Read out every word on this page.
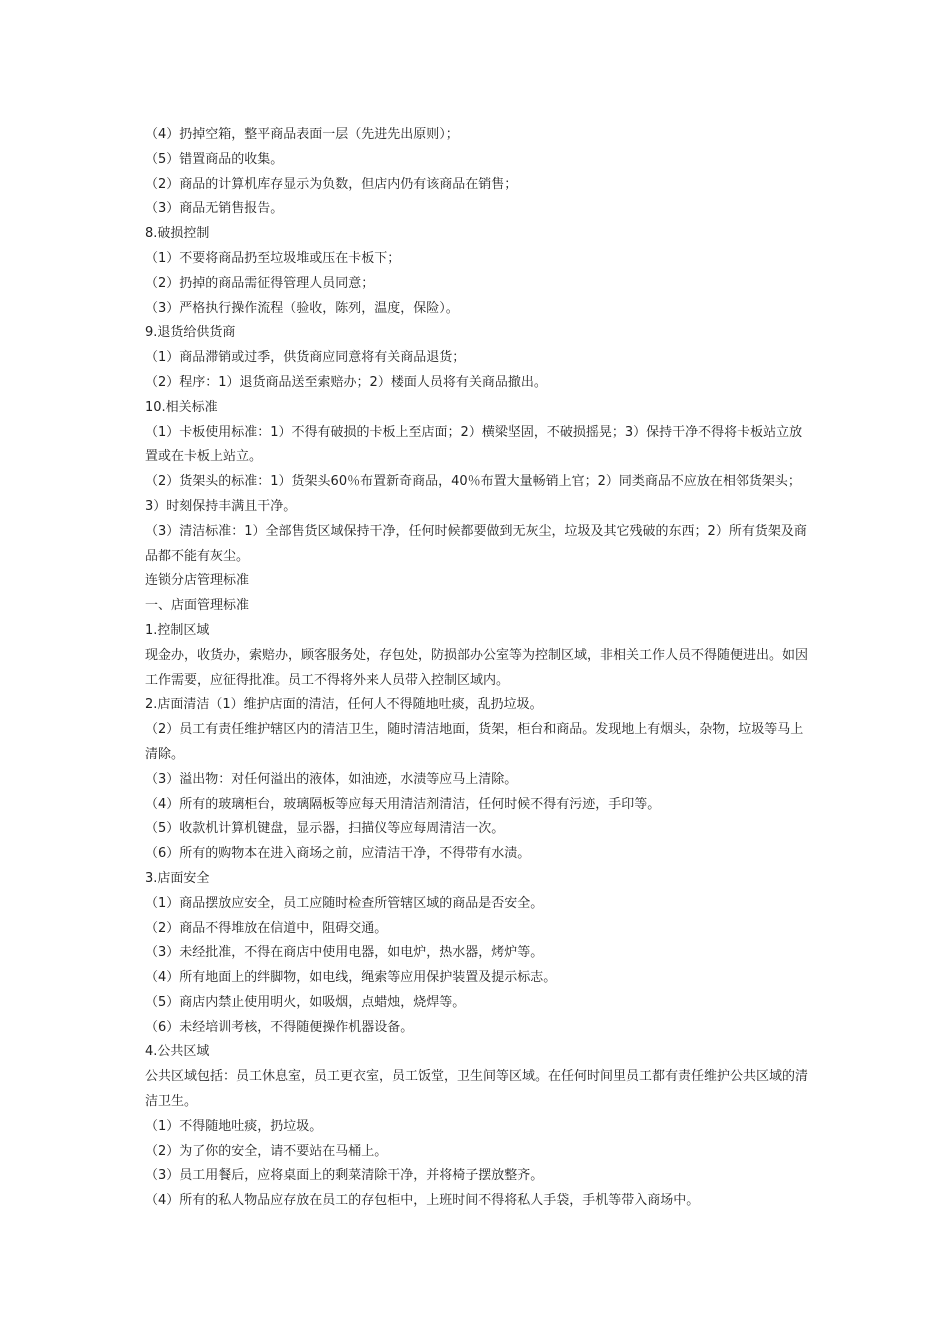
（4）扔掉空箱，整平商品表面一层（先进先出原则）；

（5）错置商品的收集。

（2）商品的计算机库存显示为负数，但店内仍有该商品在销售；

（3）商品无销售报告。

8.破损控制

（1）不要将商品扔至垃圾堆或压在卡板下；

（2）扔掉的商品需征得管理人员同意；

（3）严格执行操作流程（验收，陈列，温度，保险）。

9.退货给供货商

（1）商品滞销或过季，供货商应同意将有关商品退货；

（2）程序：1）退货商品送至索赔办；2）楼面人员将有关商品撤出。

10.相关标准

（1）卡板使用标准：1）不得有破损的卡板上至店面；2）横梁坚固，不破损摇晃；3）保持干净不得将卡板站立放置或在卡板上站立。

（2）货架头的标准：1）货架头60％布置新奇商品，40％布置大量畅销上官；2）同类商品不应放在相邻货架头；3）时刻保持丰满且干净。

（3）清洁标准：1）全部售货区域保持干净，任何时候都要做到无灰尘，垃圾及其它残破的东西；2）所有货架及商品都不能有灰尘。

连锁分店管理标准

一、店面管理标准

1.控制区域

现金办，收货办，索赔办，顾客服务处，存包处，防损部办公室等为控制区域，非相关工作人员不得随便进出。如因工作需要，应征得批准。员工不得将外来人员带入控制区域内。

2.店面清洁（1）维护店面的清洁，任何人不得随地吐痰，乱扔垃圾。

（2）员工有责任维护辖区内的清洁卫生，随时清洁地面，货架，柜台和商品。发现地上有烟头，杂物，垃圾等马上清除。

（3）溢出物：对任何溢出的液体，如油迹，水渍等应马上清除。

（4）所有的玻璃柜台，玻璃隔板等应每天用清洁剂清洁，任何时候不得有污迹，手印等。

（5）收款机计算机键盘，显示器，扫描仪等应每周清洁一次。

（6）所有的购物本在进入商场之前，应清洁干净，不得带有水渍。

3.店面安全

（1）商品摆放应安全，员工应随时检查所管辖区域的商品是否安全。

（2）商品不得堆放在信道中，阻碍交通。

（3）未经批准，不得在商店中使用电器，如电炉，热水器，烤炉等。

（4）所有地面上的绊脚物，如电线，绳索等应用保护装置及提示标志。

（5）商店内禁止使用明火，如吸烟，点蜡烛，烧焊等。

（6）未经培训考核，不得随便操作机器设备。

4.公共区域

公共区域包括：员工休息室，员工更衣室，员工饭堂，卫生间等区域。在任何时间里员工都有责任维护公共区域的清洁卫生。

（1）不得随地吐痰，扔垃圾。

（2）为了你的安全，请不要站在马桶上。

（3）员工用餐后，应将桌面上的剩菜清除干净，并将椅子摆放整齐。

（4）所有的私人物品应存放在员工的存包柜中，上班时间不得将私人手袋，手机等带入商场中。
